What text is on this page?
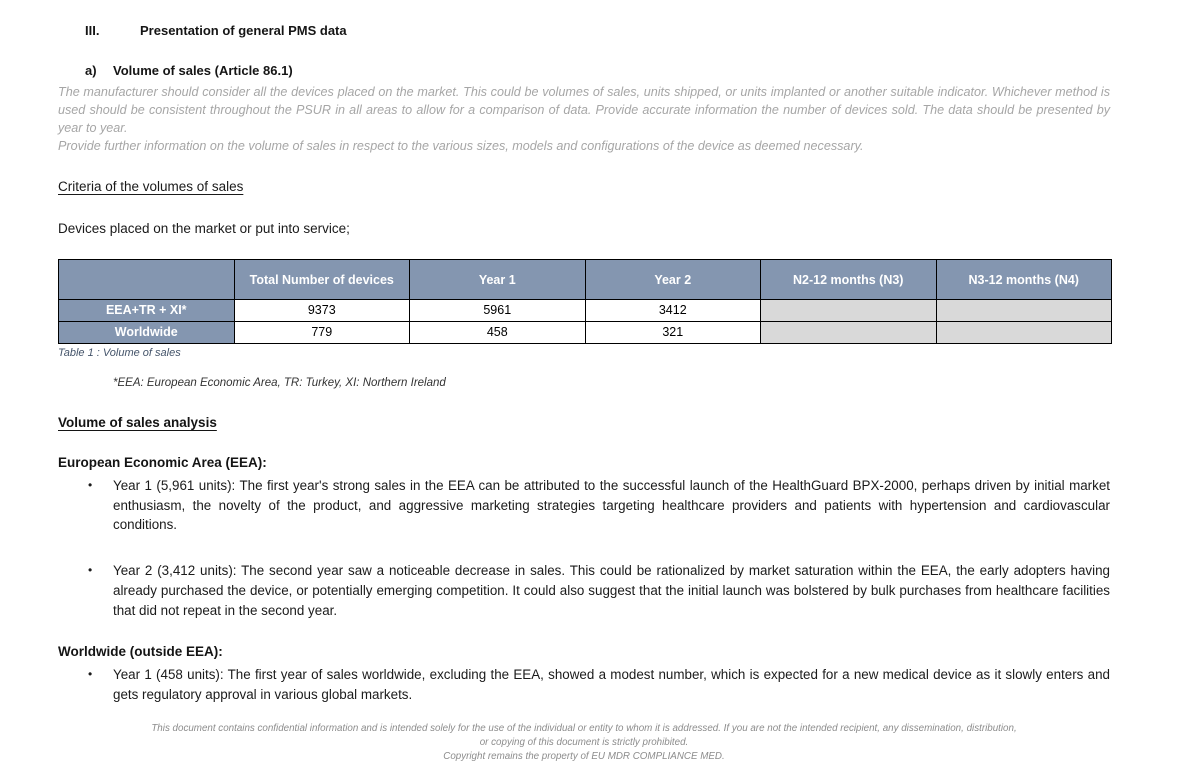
III.	Presentation of general PMS data
a) Volume of sales (Article 86.1)
The manufacturer should consider all the devices placed on the market. This could be volumes of sales, units shipped, or units implanted or another suitable indicator. Whichever method is used should be consistent throughout the PSUR in all areas to allow for a comparison of data. Provide accurate information the number of devices sold. The data should be presented by year to year.
Provide further information on the volume of sales in respect to the various sizes, models and configurations of the device as deemed necessary.
Criteria of the volumes of sales
Devices placed on the market or put into service;
	Total Number of devices	Year 1	Year 2	N2-12 months (N3)	N3-12 months (N4)
EEA+TR + XI*	9373	5961	3412		
Worldwide	779	458	321		
Table 1 : Volume of sales
*EEA: European Economic Area, TR: Turkey, XI: Northern Ireland
Volume of sales analysis
European Economic Area (EEA):
•	Year 1 (5,961 units): The first year's strong sales in the EEA can be attributed to the successful launch of the HealthGuard BPX-2000, perhaps driven by initial market enthusiasm, the novelty of the product, and aggressive marketing strategies targeting healthcare providers and patients with hypertension and cardiovascular conditions.
•	Year 2 (3,412 units): The second year saw a noticeable decrease in sales. This could be rationalized by market saturation within the EEA, the early adopters having already purchased the device, or potentially emerging competition. It could also suggest that the initial launch was bolstered by bulk purchases from healthcare facilities that did not repeat in the second year.
Worldwide (outside EEA):
•	Year 1 (458 units): The first year of sales worldwide, excluding the EEA, showed a modest number, which is expected for a new medical device as it slowly enters and gets regulatory approval in various global markets.
This document contains confidential information and is intended solely for the use of the individual or entity to whom it is addressed. If you are not the intended recipient, any dissemination, distribution,
or copying of this document is strictly prohibited.
Copyright remains the property of EU MDR COMPLIANCE MED.
